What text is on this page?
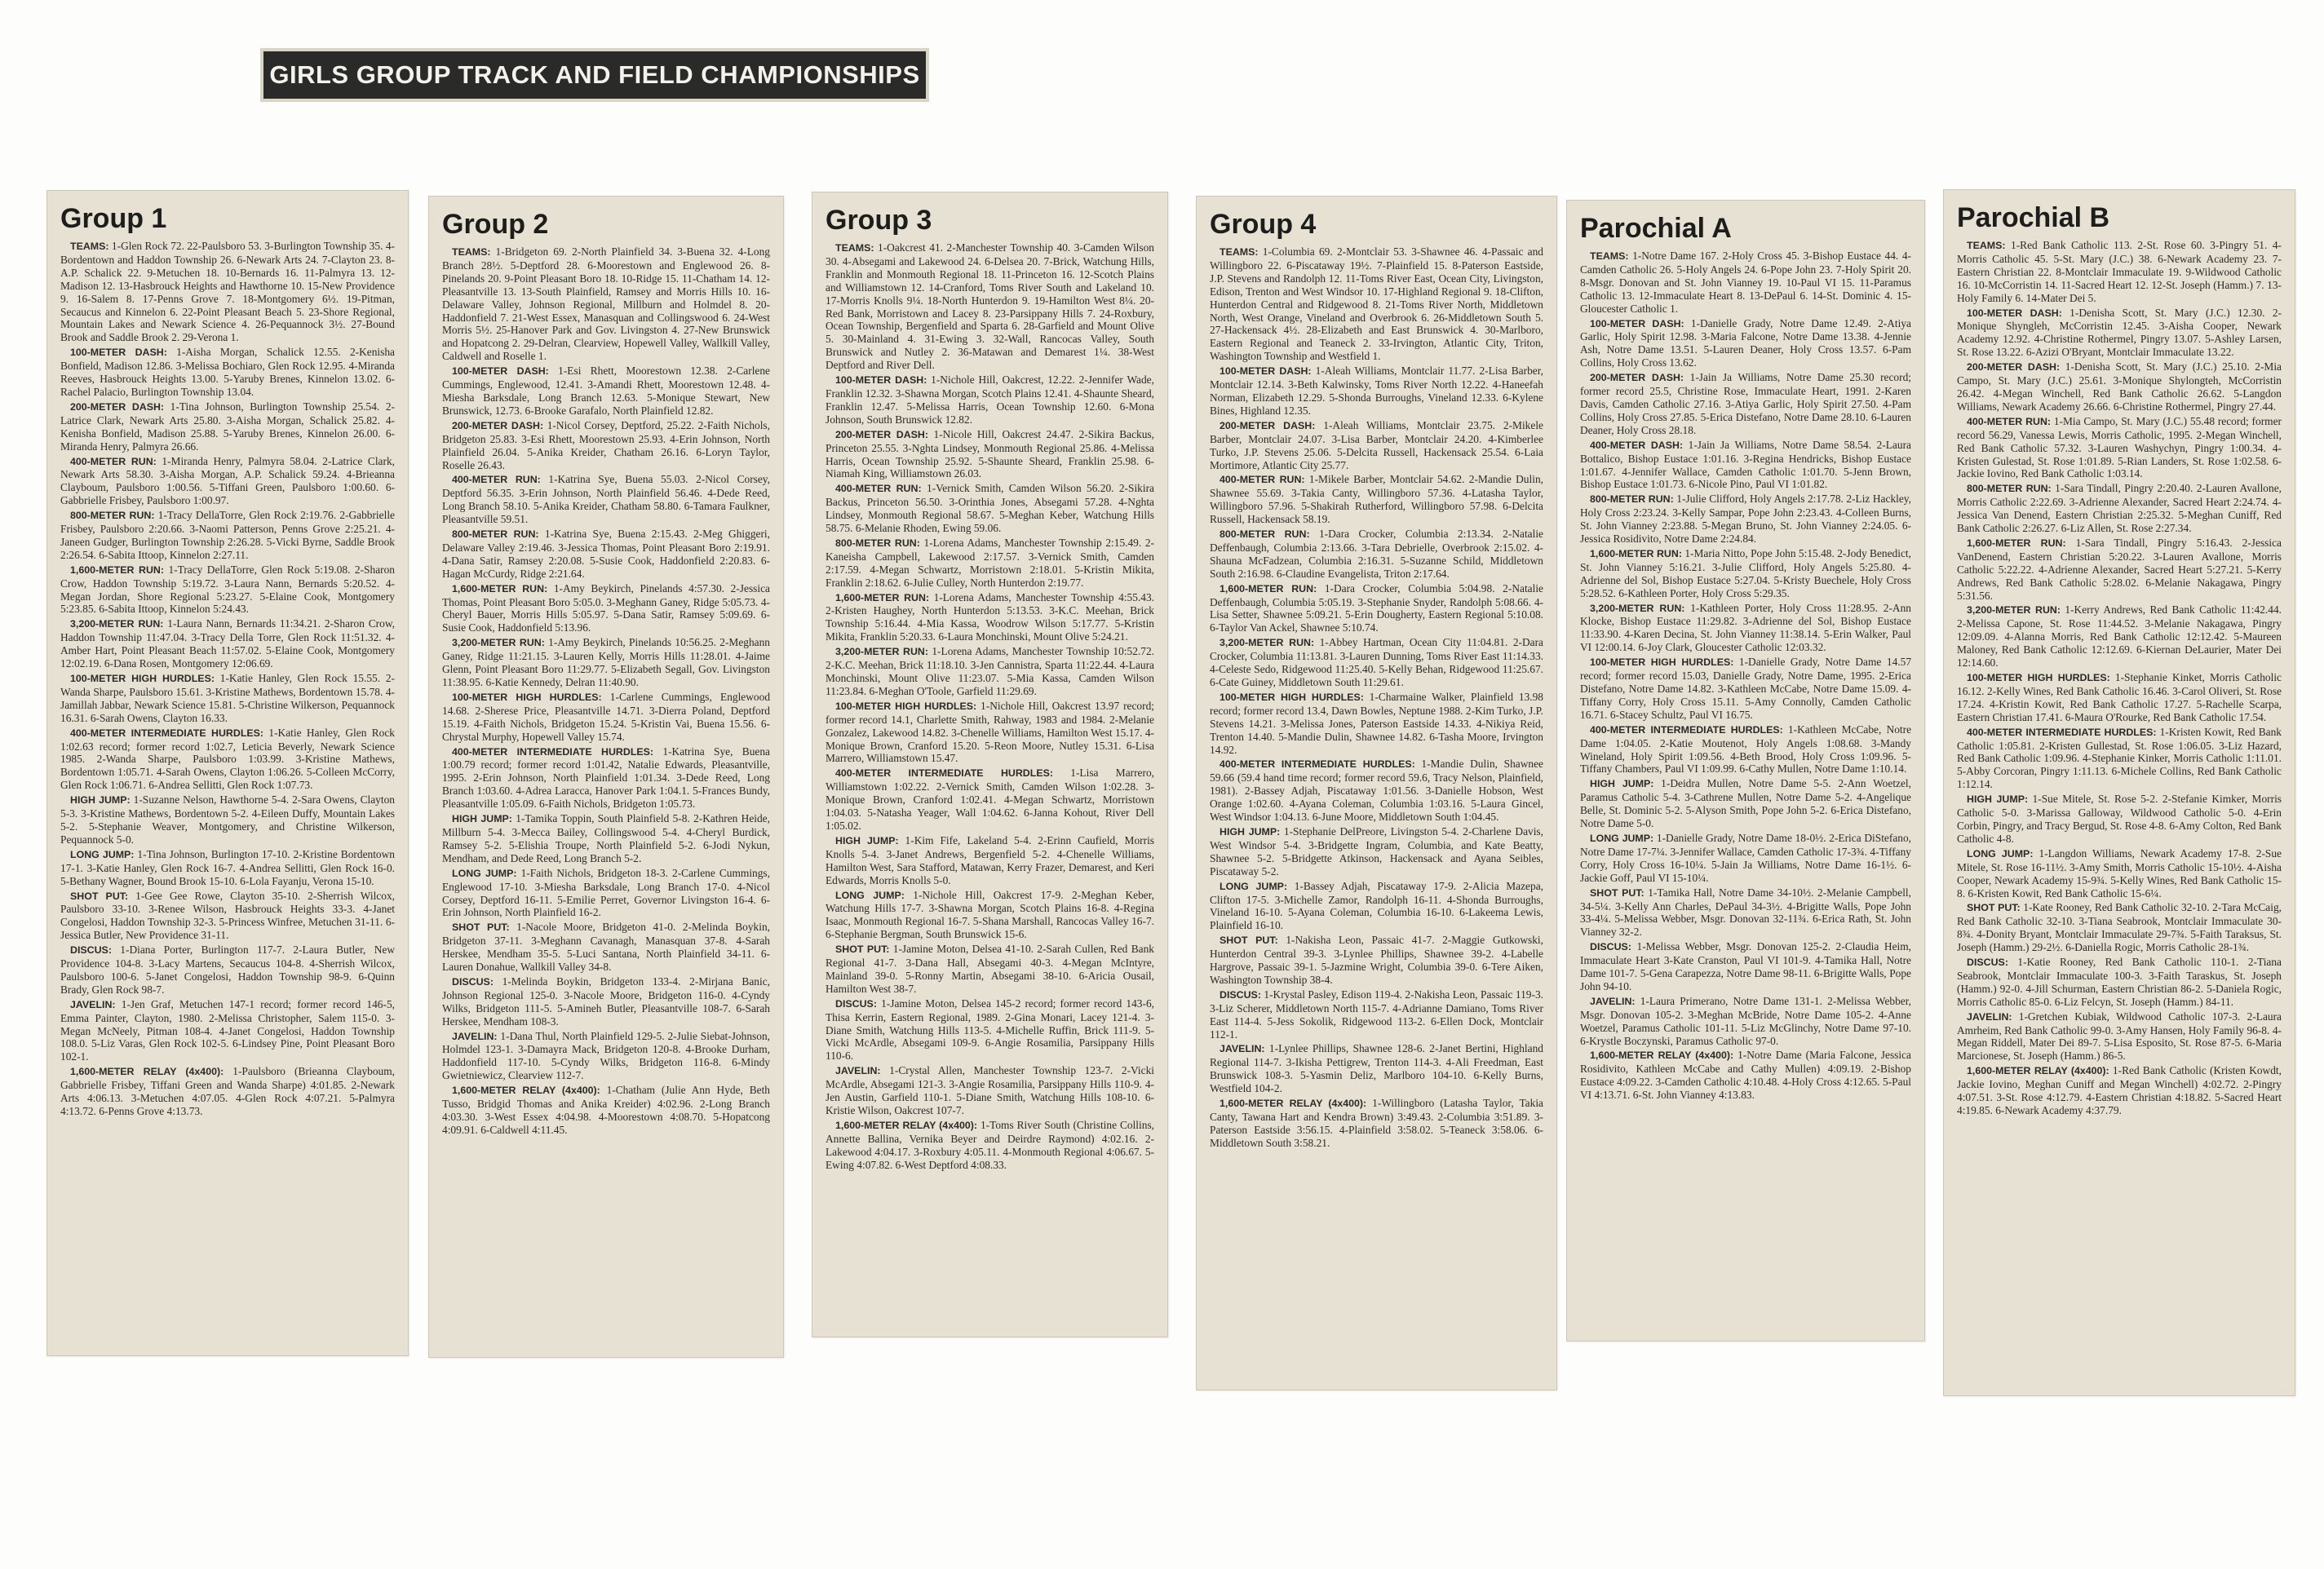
GIRLS GROUP TRACK AND FIELD CHAMPIONSHIPS
Group 1

TEAMS: 1-Glen Rock 72. 22-Paulsboro 53. 3-Burlington Township 35. 4-Bordentown and Haddon Township 26. 6-Newark Arts 24. 7-Clayton 23. 8-A.P. Schalick 22. 9-Metuchen 18. 10-Bernards 16. 11-Palmyra 13. 12-Madison 12. 13-Hasbrouck Heights and Hawthorne 10. 15-New Providence 9. 16-Salem 8. 17-Penns Grove 7. 18-Montgomery 6½. 19-Pitman, Secaucus and Kinnelon 6. 22-Point Pleasant Beach 5. 23-Shore Regional, Mountain Lakes and Newark Science 4. 26-Pequannock 3½. 27-Bound Brook and Saddle Brook 2. 29-Verona 1.

100-METER DASH: 1-Aisha Morgan, Schalick 12.55. 2-Kenisha Bonfield, Madison 12.86. 3-Melissa Bochiaro, Glen Rock 12.95. 4-Miranda Reeves, Hasbrouck Heights 13.00. 5-Yaruby Brenes, Kinnelon 13.02. 6-Rachel Palacio, Burlington Township 13.04.

200-METER DASH: 1-Tina Johnson, Burlington Township 25.54. 2-Latrice Clark, Newark Arts 25.80. 3-Aisha Morgan, Schalick 25.82. 4-Kenisha Bonfield, Madison 25.88. 5-Yaruby Brenes, Kinnelon 26.00. 6-Miranda Henry, Palmyra 26.66.

400-METER RUN: 1-Miranda Henry, Palmyra 58.04. 2-Latrice Clark, Newark Arts 58.30. 3-Aisha Morgan, A.P. Schalick 59.24. 4-Brieanna Clayboum, Paulsboro 1:00.56. 5-Tiffani Green, Paulsboro 1:00.60. 6-Gabbrielle Frisbey, Paulsboro 1:00.97.

800-METER RUN: 1-Tracy DellaTorre, Glen Rock 2:19.76. 2-Gabbrielle Frisbey, Paulsboro 2:20.66. 3-Naomi Patterson, Penns Grove 2:25.21. 4-Janeen Gudger, Burlington Township 2:26.28. 5-Vicki Byrne, Saddle Brook 2:26.54. 6-Sabita Ittoop, Kinnelon 2:27.11.

1,600-METER RUN: 1-Tracy DellaTorre, Glen Rock 5:19.08. 2-Sharon Crow, Haddon Township 5:19.72. 3-Laura Nann, Bernards 5:20.52. 4-Megan Jordan, Shore Regional 5:23.27. 5-Elaine Cook, Montgomery 5:23.85. 6-Sabita Ittoop, Kinnelon 5:24.43.

3,200-METER RUN: 1-Laura Nann, Bernards 11:34.21. 2-Sharon Crow, Haddon Township 11:47.04. 3-Tracy Della Torre, Glen Rock 11:51.32. 4-Amber Hart, Point Pleasant Beach 11:57.02. 5-Elaine Cook, Montgomery 12:02.19. 6-Dana Rosen, Montgomery 12:06.69.

100-METER HIGH HURDLES: 1-Katie Hanley, Glen Rock 15.55. 2-Wanda Sharpe, Paulsboro 15.61. 3-Kristine Mathews, Bordentown 15.78. 4-Jamillah Jabbar, Newark Science 15.81. 5-Christine Wilkerson, Pequannock 16.31. 6-Sarah Owens, Clayton 16.33.

400-METER INTERMEDIATE HURDLES: 1-Katie Hanley, Glen Rock 1:02.63 record; former record 1:02.7, Leticia Beverly, Newark Science 1985. 2-Wanda Sharpe, Paulsboro 1:03.99. 3-Kristine Mathews, Bordentown 1:05.71. 4-Sarah Owens, Clayton 1:06.26. 5-Colleen McCorry, Glen Rock 1:06.71. 6-Andrea Sellitti, Glen Rock 1:07.73.

HIGH JUMP: 1-Suzanne Nelson, Hawthorne 5-4. 2-Sara Owens, Clayton 5-3. 3-Kristine Mathews, Bordentown 5-2. 4-Eileen Duffy, Mountain Lakes 5-2. 5-Stephanie Weaver, Montgomery, and Christine Wilkerson, Pequannock 5-0.

LONG JUMP: 1-Tina Johnson, Burlington 17-10. 2-Kristine Bordentown 17-1. 3-Katie Hanley, Glen Rock 16-7. 4-Andrea Sellitti, Glen Rock 16-0. 5-Bethany Wagner, Bound Brook 15-10. 6-Lola Fayanju, Verona 15-10.

SHOT PUT: 1-Gee Gee Rowe, Clayton 35-10. 2-Sherrish Wilcox, Paulsboro 33-10. 3-Renee Wilson, Hasbrouck Heights 33-3. 4-Janet Congelosi, Haddon Township 32-3. 5-Princess Winfree, Metuchen 31-11. 6-Jessica Butler, New Providence 31-11.

DISCUS: 1-Diana Porter, Burlington 117-7. 2-Laura Butler, New Providence 104-8. 3-Lacy Martens, Secaucus 104-8. 4-Sherrish Wilcox, Paulsboro 100-6. 5-Janet Congelosi, Haddon Township 98-9. 6-Quinn Brady, Glen Rock 98-7.

JAVELIN: 1-Jen Graf, Metuchen 147-1 record; former record 146-5, Emma Painter, Clayton, 1980. 2-Melissa Christopher, Salem 115-0. 3-Megan McNeely, Pitman 108-4. 4-Janet Congelosi, Haddon Township 108.0. 5-Liz Varas, Glen Rock 102-5. 6-Lindsey Pine, Point Pleasant Boro 102-1.

1,600-METER RELAY (4x400): 1-Paulsboro (Brieanna Clayboum, Gabbrielle Frisbey, Tiffani Green and Wanda Sharpe) 4:01.85. 2-Newark Arts 4:06.13. 3-Metuchen 4:07.05. 4-Glen Rock 4:07.21. 5-Palmyra 4:13.72. 6-Penns Grove 4:13.73.

Group 2

TEAMS: 1-Bridgeton 69. 2-North Plainfield 34. 3-Buena 32. 4-Long Branch 28½. 5-Deptford 28. 6-Moorestown and Englewood 26. 8-Pinelands 20. 9-Point Pleasant Boro 18. 10-Ridge 15. 11-Chatham 14. 12-Pleasantville 13. 13-South Plainfield, Ramsey and Morris Hills 10. 16-Delaware Valley, Johnson Regional, Millburn and Holmdel 8. 20-Haddonfield 7. 21-West Essex, Manasquan and Collingswood 6. 24-West Morris 5½. 25-Hanover Park and Gov. Livingston 4. 27-New Brunswick and Hopatcong 2. 29-Delran, Clearview, Hopewell Valley, Wallkill Valley, Caldwell and Roselle 1.

100-METER DASH: 1-Esi Rhett, Moorestown 12.38. 2-Carlene Cummings, Englewood, 12.41. 3-Amandi Rhett, Moorestown 12.48. 4-Miesha Barksdale, Long Branch 12.63. 5-Monique Stewart, New Brunswick, 12.73. 6-Brooke Garafalo, North Plainfield 12.82.

200-METER DASH: 1-Nicol Corsey, Deptford, 25.22. 2-Faith Nichols, Bridgeton 25.83. 3-Esi Rhett, Moorestown 25.93. 4-Erin Johnson, North Plainfield 26.04. 5-Anika Kreider, Chatham 26.16. 6-Loryn Taylor, Roselle 26.43.

400-METER RUN: 1-Katrina Sye, Buena 55.03. 2-Nicol Corsey, Deptford 56.35. 3-Erin Johnson, North Plainfield 56.46. 4-Dede Reed, Long Branch 58.10. 5-Anika Kreider, Chatham 58.80. 6-Tamara Faulkner, Pleasantville 59.51.

800-METER RUN: 1-Katrina Sye, Buena 2:15.43. 2-Meg Ghiggeri, Delaware Valley 2:19.46. 3-Jessica Thomas, Point Pleasant Boro 2:19.91. 4-Dana Satir, Ramsey 2:20.08. 5-Susie Cook, Haddonfield 2:20.83. 6-Hagan McCurdy, Ridge 2:21.64.

1,600-METER RUN: 1-Amy Beykirch, Pinelands 4:57.30. 2-Jessica Thomas, Point Pleasant Boro 5:05.0. 3-Meghann Ganey, Ridge 5:05.73. 4-Cheryl Bauer, Morris Hills 5:05.97. 5-Dana Satir, Ramsey 5:09.69. 6-Susie Cook, Haddonfield 5:13.96.

3,200-METER RUN: 1-Amy Beykirch, Pinelands 10:56.25. 2-Meghann Ganey, Ridge 11:21.15. 3-Lauren Kelly, Morris Hills 11:28.01. 4-Jaime Glenn, Point Pleasant Boro 11:29.77. 5-Elizabeth Segall, Gov. Livingston 11:38.95. 6-Katie Kennedy, Delran 11:40.90.

100-METER HIGH HURDLES: 1-Carlene Cummings, Englewood 14.68. 2-Sherese Price, Pleasantville 14.71. 3-Dierra Poland, Deptford 15.19. 4-Faith Nichols, Bridgeton 15.24. 5-Kristin Vai, Buena 15.56. 6-Chrystal Murphy, Hopewell Valley 15.74.

400-METER INTERMEDIATE HURDLES: 1-Katrina Sye, Buena 1:00.79 record; former record 1:01.42, Natalie Edwards, Pleasantville, 1995. 2-Erin Johnson, North Plainfield 1:01.34. 3-Dede Reed, Long Branch 1:03.60. 4-Adrea Laracca, Hanover Park 1:04.1. 5-Frances Bundy, Pleasantville 1:05.09. 6-Faith Nichols, Bridgeton 1:05.73.

HIGH JUMP: 1-Tamika Toppin, South Plainfield 5-8. 2-Kathren Heide, Millburn 5-4. 3-Mecca Bailey, Collingswood 5-4. 4-Cheryl Burdick, Ramsey 5-2. 5-Elishia Troupe, North Plainfield 5-2. 6-Jodi Nykun, Mendham, and Dede Reed, Long Branch 5-2.

LONG JUMP: 1-Faith Nichols, Bridgeton 18-3. 2-Carlene Cummings, Englewood 17-10. 3-Miesha Barksdale, Long Branch 17-0. 4-Nicol Corsey, Deptford 16-11. 5-Emilie Perret, Governor Livingston 16-4. 6-Erin Johnson, North Plainfield 16-2.

SHOT PUT: 1-Nacole Moore, Bridgeton 41-0. 2-Melinda Boykin, Bridgeton 37-11. 3-Meghann Cavanagh, Manasquan 37-8. 4-Sarah Herskee, Mendham 35-5. 5-Luci Santana, North Plainfield 34-11. 6-Lauren Donahue, Wallkill Valley 34-8.

DISCUS: 1-Melinda Boykin, Bridgeton 133-4. 2-Mirjana Banic, Johnson Regional 125-0. 3-Nacole Moore, Bridgeton 116-0. 4-Cyndy Wilks, Bridgeton 111-5. 5-Amineh Butler, Pleasantville 108-7. 6-Sarah Herskee, Mendham 108-3.

JAVELIN: 1-Dana Thul, North Plainfield 129-5. 2-Julie Siebat-Johnson, Holmdel 123-1. 3-Damayra Mack, Bridgeton 120-8. 4-Brooke Durham, Haddonfield 117-10. 5-Cyndy Wilks, Bridgeton 116-8. 6-Mindy Gwietniewicz, Clearview 112-7.

1,600-METER RELAY (4x400): 1-Chatham (Julie Ann Hyde, Beth Tusso, Bridgid Thomas and Anika Kreider) 4:02.96. 2-Long Branch 4:03.30. 3-West Essex 4:04.98. 4-Moorestown 4:08.70. 5-Hopatcong 4:09.91. 6-Caldwell 4:11.45.

Group 3

TEAMS: 1-Oakcrest 41. 2-Manchester Township 40. 3-Camden Wilson 30. 4-Absegami and Lakewood 24. 6-Delsea 20. 7-Brick, Watchung Hills, Franklin and Monmouth Regional 18. 11-Princeton 16. 12-Scotch Plains and Williamstown 12. 14-Cranford, Toms River South and Lakeland 10. 17-Morris Knolls 9¼. 18-North Hunterdon 9. 19-Hamilton West 8¼. 20-Red Bank, Morristown and Lacey 8. 23-Parsippany Hills 7. 24-Roxbury, Ocean Township, Bergenfield and Sparta 6. 28-Garfield and Mount Olive 5. 30-Mainland 4. 31-Ewing 3. 32-Wall, Rancocas Valley, South Brunswick and Nutley 2. 36-Matawan and Demarest 1¼. 38-West Deptford and River Dell.

100-METER DASH: 1-Nichole Hill, Oakcrest, 12.22. 2-Jennifer Wade, Franklin 12.32. 3-Shawna Morgan, Scotch Plains 12.41. 4-Shaunte Sheard, Franklin 12.47. 5-Melissa Harris, Ocean Township 12.60. 6-Mona Johnson, South Brunswick 12.82.

200-METER DASH: 1-Nicole Hill, Oakcrest 24.47. 2-Sikira Backus, Princeton 25.55. 3-Nghta Lindsey, Monmouth Regional 25.86. 4-Melissa Harris, Ocean Township 25.92. 5-Shaunte Sheard, Franklin 25.98. 6-Niamah King, Williamstown 26.03.

400-METER RUN: 1-Vernick Smith, Camden Wilson 56.20. 2-Sikira Backus, Princeton 56.50. 3-Orinthia Jones, Absegami 57.28. 4-Nghta Lindsey, Monmouth Regional 58.67. 5-Meghan Keber, Watchung Hills 58.75. 6-Melanie Rhoden, Ewing 59.06.

800-METER RUN: 1-Lorena Adams, Manchester Township 2:15.49. 2-Kaneisha Campbell, Lakewood 2:17.57. 3-Vernick Smith, Camden 2:17.59. 4-Megan Schwartz, Morristown 2:18.01. 5-Kristin Mikita, Franklin 2:18.62. 6-Julie Culley, North Hunterdon 2:19.77.

1,600-METER RUN: 1-Lorena Adams, Manchester Township 4:55.43. 2-Kristen Haughey, North Hunterdon 5:13.53. 3-K.C. Meehan, Brick Township 5:16.44. 4-Mia Kassa, Woodrow Wilson 5:17.77. 5-Kristin Mikita, Franklin 5:20.33. 6-Laura Monchinski, Mount Olive 5:24.21.

3,200-METER RUN: 1-Lorena Adams, Manchester Township 10:52.72. 2-K.C. Meehan, Brick 11:18.10. 3-Jen Cannistra, Sparta 11:22.44. 4-Laura Monchinski, Mount Olive 11:23.07. 5-Mia Kassa, Camden Wilson 11:23.84. 6-Meghan O'Toole, Garfield 11:29.69.

100-METER HIGH HURDLES: 1-Nichole Hill, Oakcrest 13.97 record; former record 14.1, Charlette Smith, Rahway, 1983 and 1984. 2-Melanie Gonzalez, Lakewood 14.82. 3-Chenelle Williams, Hamilton West 15.17. 4-Monique Brown, Cranford 15.20. 5-Reon Moore, Nutley 15.31. 6-Lisa Marrero, Williamstown 15.47.

400-METER INTERMEDIATE HURDLES: 1-Lisa Marrero, Williamstown 1:02.22. 2-Vernick Smith, Camden Wilson 1:02.28. 3-Monique Brown, Cranford 1:02.41. 4-Megan Schwartz, Morristown 1:04.03. 5-Natasha Yeager, Wall 1:04.62. 6-Janna Kohout, River Dell 1:05.02.

HIGH JUMP: 1-Kim Fife, Lakeland 5-4. 2-Erinn Caufield, Morris Knolls 5-4. 3-Janet Andrews, Bergenfield 5-2. 4-Chenelle Williams, Hamilton West, Sara Stafford, Matawan, Kerry Frazer, Demarest, and Keri Edwards, Morris Knolls 5-0.

LONG JUMP: 1-Nichole Hill, Oakcrest 17-9. 2-Meghan Keber, Watchung Hills 17-7. 3-Shawna Morgan, Scotch Plains 16-8. 4-Regina Isaac, Monmouth Regional 16-7. 5-Shana Marshall, Rancocas Valley 16-7. 6-Stephanie Bergman, South Brunswick 15-6.

SHOT PUT: 1-Jamine Moton, Delsea 41-10. 2-Sarah Cullen, Red Bank Regional 41-7. 3-Dana Hall, Absegami 40-3. 4-Megan McIntyre, Mainland 39-0. 5-Ronny Martin, Absegami 38-10. 6-Aricia Ousail, Hamilton West 38-7.

DISCUS: 1-Jamine Moton, Delsea 145-2 record; former record 143-6, Thisa Kerrin, Eastern Regional, 1989. 2-Gina Monari, Lacey 121-4. 3-Diane Smith, Watchung Hills 113-5. 4-Michelle Ruffin, Brick 111-9. 5-Vicki McArdle, Absegami 109-9. 6-Angie Rosamilia, Parsippany Hills 110-6.

JAVELIN: 1-Crystal Allen, Manchester Township 123-7. 2-Vicki McArdle, Absegami 121-3. 3-Angie Rosamilia, Parsippany Hills 110-9. 4-Jen Austin, Garfield 110-1. 5-Diane Smith, Watchung Hills 108-10. 6-Kristie Wilson, Oakcrest 107-7.

1,600-METER RELAY (4x400): 1-Toms River South (Christine Collins, Annette Ballina, Vernika Beyer and Deirdre Raymond) 4:02.16. 2-Lakewood 4:04.17. 3-Roxbury 4:05.11. 4-Monmouth Regional 4:06.67. 5-Ewing 4:07.82. 6-West Deptford 4:08.33.

Group 4

TEAMS: 1-Columbia 69. 2-Montclair 53. 3-Shawnee 46. 4-Passaic and Willingboro 22. 6-Piscataway 19½. 7-Plainfield 15. 8-Paterson Eastside, J.P. Stevens and Randolph 12. 11-Toms River East, Ocean City, Livingston, Edison, Trenton and West Windsor 10. 17-Highland Regional 9. 18-Clifton, Hunterdon Central and Ridgewood 8. 21-Toms River North, Middletown North, West Orange, Vineland and Overbrook 6. 26-Middletown South 5. 27-Hackensack 4½. 28-Elizabeth and East Brunswick 4. 30-Marlboro, Eastern Regional and Teaneck 2. 33-Irvington, Atlantic City, Triton, Washington Township and Westfield 1.

100-METER DASH: 1-Aleah Williams, Montclair 11.77. 2-Lisa Barber, Montclair 12.14. 3-Beth Kalwinsky, Toms River North 12.22. 4-Haneefah Norman, Elizabeth 12.29. 5-Shonda Burroughs, Vineland 12.33. 6-Kylene Bines, Highland 12.35.

200-METER DASH: 1-Aleah Williams, Montclair 23.75. 2-Mikele Barber, Montclair 24.07. 3-Lisa Barber, Montclair 24.20. 4-Kimberlee Turko, J.P. Stevens 25.06. 5-Delcita Russell, Hackensack 25.54. 6-Laia Mortimore, Atlantic City 25.77.

400-METER RUN: 1-Mikele Barber, Montclair 54.62. 2-Mandie Dulin, Shawnee 55.69. 3-Takia Canty, Willingboro 57.36. 4-Latasha Taylor, Willingboro 57.96. 5-Shakirah Rutherford, Willingboro 57.98. 6-Delcita Russell, Hackensack 58.19.

800-METER RUN: 1-Dara Crocker, Columbia 2:13.34. 2-Natalie Deffenbaugh, Columbia 2:13.66. 3-Tara Debrielle, Overbrook 2:15.02. 4-Shauna McFadzean, Columbia 2:16.31. 5-Suzanne Schild, Middletown South 2:16.98. 6-Claudine Evangelista, Triton 2:17.64.

1,600-METER RUN: 1-Dara Crocker, Columbia 5:04.98. 2-Natalie Deffenbaugh, Columbia 5:05.19. 3-Stephanie Snyder, Randolph 5:08.66. 4-Lisa Setter, Shawnee 5:09.21. 5-Erin Dougherty, Eastern Regional 5:10.08. 6-Taylor Van Ackel, Shawnee 5:10.74.

3,200-METER RUN: 1-Abbey Hartman, Ocean City 11:04.81. 2-Dara Crocker, Columbia 11:13.81. 3-Lauren Dunning, Toms River East 11:14.33. 4-Celeste Sedo, Ridgewood 11:25.40. 5-Kelly Behan, Ridgewood 11:25.67. 6-Cate Guiney, Middletown South 11:29.61.

100-METER HIGH HURDLES: 1-Charmaine Walker, Plainfield 13.98 record; former record 13.4, Dawn Bowles, Neptune 1988. 2-Kim Turko, J.P. Stevens 14.21. 3-Melissa Jones, Paterson Eastside 14.33. 4-Nikiya Reid, Trenton 14.40. 5-Mandie Dulin, Shawnee 14.82. 6-Tasha Moore, Irvington 14.92.

400-METER INTERMEDIATE HURDLES: 1-Mandie Dulin, Shawnee 59.66 (59.4 hand time record; former record 59.6, Tracy Nelson, Plainfield, 1981). 2-Bassey Adjah, Piscataway 1:01.56. 3-Danielle Hobson, West Orange 1:02.60. 4-Ayana Coleman, Columbia 1:03.16. 5-Laura Gincel, West Windsor 1:04.13. 6-June Moore, Middletown South 1:04.45.

HIGH JUMP: 1-Stephanie DelPreore, Livingston 5-4. 2-Charlene Davis, West Windsor 5-4. 3-Bridgette Ingram, Columbia, and Kate Beatty, Shawnee 5-2. 5-Bridgette Atkinson, Hackensack and Ayana Seibles, Piscataway 5-2.

LONG JUMP: 1-Bassey Adjah, Piscataway 17-9. 2-Alicia Mazepa, Clifton 17-5. 3-Michelle Zamor, Randolph 16-11. 4-Shonda Burroughs, Vineland 16-10. 5-Ayana Coleman, Columbia 16-10. 6-Lakeema Lewis, Plainfield 16-10.

SHOT PUT: 1-Nakisha Leon, Passaic 41-7. 2-Maggie Gutkowski, Hunterdon Central 39-3. 3-Lynlee Phillips, Shawnee 39-2. 4-Labelle Hargrove, Passaic 39-1. 5-Jazmine Wright, Columbia 39-0. 6-Tere Aiken, Washington Township 38-4.

DISCUS: 1-Krystal Pasley, Edison 119-4. 2-Nakisha Leon, Passaic 119-3. 3-Liz Scherer, Middletown North 115-7. 4-Adrianne Damiano, Toms River East 114-4. 5-Jess Sokolik, Ridgewood 113-2. 6-Ellen Dock, Montclair 112-1.

JAVELIN: 1-Lynlee Phillips, Shawnee 128-6. 2-Janet Bertini, Highland Regional 114-7. 3-Ikisha Pettigrew, Trenton 114-3. 4-Ali Freedman, East Brunswick 108-3. 5-Yasmin Deliz, Marlboro 104-10. 6-Kelly Burns, Westfield 104-2.

1,600-METER RELAY (4x400): 1-Willingboro (Latasha Taylor, Takia Canty, Tawana Hart and Kendra Brown) 3:49.43. 2-Columbia 3:51.89. 3-Paterson Eastside 3:56.15. 4-Plainfield 3:58.02. 5-Teaneck 3:58.06. 6-Middletown South 3:58.21.

Parochial A

TEAMS: 1-Notre Dame 167. 2-Holy Cross 45. 3-Bishop Eustace 44. 4-Camden Catholic 26. 5-Holy Angels 24. 6-Pope John 23. 7-Holy Spirit 20. 8-Msgr. Donovan and St. John Vianney 19. 10-Paul VI 15. 11-Paramus Catholic 13. 12-Immaculate Heart 8. 13-DePaul 6. 14-St. Dominic 4. 15-Gloucester Catholic 1.

100-METER DASH: 1-Danielle Grady, Notre Dame 12.49. 2-Atiya Garlic, Holy Spirit 12.98. 3-Maria Falcone, Notre Dame 13.38. 4-Jennie Ash, Notre Dame 13.51. 5-Lauren Deaner, Holy Cross 13.57. 6-Pam Collins, Holy Cross 13.62.

200-METER DASH: 1-Jain Ja Williams, Notre Dame 25.30 record; former record 25.5, Christine Rose, Immaculate Heart, 1991. 2-Karen Davis, Camden Catholic 27.16. 3-Atiya Garlic, Holy Spirit 27.50. 4-Pam Collins, Holy Cross 27.85. 5-Erica Distefano, Notre Dame 28.10. 6-Lauren Deaner, Holy Cross 28.18.

400-METER DASH: 1-Jain Ja Williams, Notre Dame 58.54. 2-Laura Bottalico, Bishop Eustace 1:01.16. 3-Regina Hendricks, Bishop Eustace 1:01.67. 4-Jennifer Wallace, Camden Catholic 1:01.70. 5-Jenn Brown, Bishop Eustace 1:01.73. 6-Nicole Pino, Paul VI 1:01.82.

800-METER RUN: 1-Julie Clifford, Holy Angels 2:17.78. 2-Liz Hackley, Holy Cross 2:23.24. 3-Kelly Sampar, Pope John 2:23.43. 4-Colleen Burns, St. John Vianney 2:23.88. 5-Megan Bruno, St. John Vianney 2:24.05. 6-Jessica Rosidivito, Notre Dame 2:24.84.

1,600-METER RUN: 1-Maria Nitto, Pope John 5:15.48. 2-Jody Benedict, St. John Vianney 5:16.21. 3-Julie Clifford, Holy Angels 5:25.80. 4-Adrienne del Sol, Bishop Eustace 5:27.04. 5-Kristy Buechele, Holy Cross 5:28.52. 6-Kathleen Porter, Holy Cross 5:29.35.

3,200-METER RUN: 1-Kathleen Porter, Holy Cross 11:28.95. 2-Ann Klocke, Bishop Eustace 11:29.82. 3-Adrienne del Sol, Bishop Eustace 11:33.90. 4-Karen Decina, St. John Vianney 11:38.14. 5-Erin Walker, Paul VI 12:00.14. 6-Joy Clark, Gloucester Catholic 12:03.32.

100-METER HIGH HURDLES: 1-Danielle Grady, Notre Dame 14.57 record; former record 15.03, Danielle Grady, Notre Dame, 1995. 2-Erica Distefano, Notre Dame 14.82. 3-Kathleen McCabe, Notre Dame 15.09. 4-Tiffany Corry, Holy Cross 15.11. 5-Amy Connolly, Camden Catholic 16.71. 6-Stacey Schultz, Paul VI 16.75.

400-METER INTERMEDIATE HURDLES: 1-Kathleen McCabe, Notre Dame 1:04.05. 2-Katie Moutenot, Holy Angels 1:08.68. 3-Mandy Wineland, Holy Spirit 1:09.56. 4-Beth Brood, Holy Cross 1:09.96. 5-Tiffany Chambers, Paul VI 1:09.99. 6-Cathy Mullen, Notre Dame 1:10.14.

HIGH JUMP: 1-Deidra Mullen, Notre Dame 5-5. 2-Ann Woetzel, Paramus Catholic 5-4. 3-Cathrene Mullen, Notre Dame 5-2. 4-Angelique Belle, St. Dominic 5-2. 5-Alyson Smith, Pope John 5-2. 6-Erica Distefano, Notre Dame 5-0.

LONG JUMP: 1-Danielle Grady, Notre Dame 18-0½. 2-Erica DiStefano, Notre Dame 17-7¼. 3-Jennifer Wallace, Camden Catholic 17-3¾. 4-Tiffany Corry, Holy Cross 16-10¼. 5-Jain Ja Williams, Notre Dame 16-1½. 6-Jackie Goff, Paul VI 15-10¼.

SHOT PUT: 1-Tamika Hall, Notre Dame 34-10½. 2-Melanie Campbell, 34-5¼. 3-Kelly Ann Charles, DePaul 34-3½. 4-Brigitte Walls, Pope John 33-4¼. 5-Melissa Webber, Msgr. Donovan 32-11¾. 6-Erica Rath, St. John Vianney 32-2.

DISCUS: 1-Melissa Webber, Msgr. Donovan 125-2. 2-Claudia Heim, Immaculate Heart 3-Kate Cranston, Paul VI 101-9. 4-Tamika Hall, Notre Dame 101-7. 5-Gena Carapezza, Notre Dame 98-11. 6-Brigitte Walls, Pope John 94-10.

JAVELIN: 1-Laura Primerano, Notre Dame 131-1. 2-Melissa Webber, Msgr. Donovan 105-2. 3-Meghan McBride, Notre Dame 105-2. 4-Anne Woetzel, Paramus Catholic 101-11. 5-Liz McGlinchy, Notre Dame 97-10. 6-Krystle Boczynski, Paramus Catholic 97-0.

1,600-METER RELAY (4x400): 1-Notre Dame (Maria Falcone, Jessica Rosidivito, Kathleen McCabe and Cathy Mullen) 4:09.19. 2-Bishop Eustace 4:09.22. 3-Camden Catholic 4:10.48. 4-Holy Cross 4:12.65. 5-Paul VI 4:13.71. 6-St. John Vianney 4:13.83.

Parochial B

TEAMS: 1-Red Bank Catholic 113. 2-St. Rose 60. 3-Pingry 51. 4-Morris Catholic 45. 5-St. Mary (J.C.) 38. 6-Newark Academy 23. 7-Eastern Christian 22. 8-Montclair Immaculate 19. 9-Wildwood Catholic 16. 10-McCorristin 14. 11-Sacred Heart 12. 12-St. Joseph (Hamm.) 7. 13-Holy Family 6. 14-Mater Dei 5.

100-METER DASH: 1-Denisha Scott, St. Mary (J.C.) 12.30. 2-Monique Shyngleh, McCorristin 12.45. 3-Aisha Cooper, Newark Academy 12.92. 4-Christine Rothermel, Pingry 13.07. 5-Ashley Larsen, St. Rose 13.22. 6-Azizi O'Bryant, Montclair Immaculate 13.22.

200-METER DASH: 1-Denisha Scott, St. Mary (J.C.) 25.10. 2-Mia Campo, St. Mary (J.C.) 25.61. 3-Monique Shylongteh, McCorristin 26.42. 4-Megan Winchell, Red Bank Catholic 26.62. 5-Langdon Williams, Newark Academy 26.66. 6-Christine Rothermel, Pingry 27.44.

400-METER RUN: 1-Mia Campo, St. Mary (J.C.) 55.48 record; former record 56.29, Vanessa Lewis, Morris Catholic, 1995. 2-Megan Winchell, Red Bank Catholic 57.32. 3-Lauren Washychyn, Pingry 1:00.34. 4-Kristen Gulestad, St. Rose 1:01.89. 5-Rian Landers, St. Rose 1:02.58. 6-Jackie Iovino, Red Bank Catholic 1:03.14.

800-METER RUN: 1-Sara Tindall, Pingry 2:20.40. 2-Lauren Avallone, Morris Catholic 2:22.69. 3-Adrienne Alexander, Sacred Heart 2:24.74. 4-Jessica Van Denend, Eastern Christian 2:25.32. 5-Meghan Cuniff, Red Bank Catholic 2:26.27. 6-Liz Allen, St. Rose 2:27.34.

1,600-METER RUN: 1-Sara Tindall, Pingry 5:16.43. 2-Jessica VanDenend, Eastern Christian 5:20.22. 3-Lauren Avallone, Morris Catholic 5:22.22. 4-Adrienne Alexander, Sacred Heart 5:27.21. 5-Kerry Andrews, Red Bank Catholic 5:28.02. 6-Melanie Nakagawa, Pingry 5:31.56.

3,200-METER RUN: 1-Kerry Andrews, Red Bank Catholic 11:42.44. 2-Melissa Capone, St. Rose 11:44.52. 3-Melanie Nakagawa, Pingry 12:09.09. 4-Alanna Morris, Red Bank Catholic 12:12.42. 5-Maureen Maloney, Red Bank Catholic 12:12.69. 6-Kiernan DeLaurier, Mater Dei 12:14.60.

100-METER HIGH HURDLES: 1-Stephanie Kinket, Morris Catholic 16.12. 2-Kelly Wines, Red Bank Catholic 16.46. 3-Carol Oliveri, St. Rose 17.24. 4-Kristin Kowit, Red Bank Catholic 17.27. 5-Rachelle Scarpa, Eastern Christian 17.41. 6-Maura O'Rourke, Red Bank Catholic 17.54.

400-METER INTERMEDIATE HURDLES: 1-Kristen Kowit, Red Bank Catholic 1:05.81. 2-Kristen Gullestad, St. Rose 1:06.05. 3-Liz Hazard, Red Bank Catholic 1:09.96. 4-Stephanie Kinker, Morris Catholic 1:11.01. 5-Abby Corcoran, Pingry 1:11.13. 6-Michele Collins, Red Bank Catholic 1:12.14.

HIGH JUMP: 1-Sue Mitele, St. Rose 5-2. 2-Stefanie Kimker, Morris Catholic 5-0. 3-Marissa Galloway, Wildwood Catholic 5-0. 4-Erin Corbin, Pingry, and Tracy Bergud, St. Rose 4-8. 6-Amy Colton, Red Bank Catholic 4-8.

LONG JUMP: 1-Langdon Williams, Newark Academy 17-8. 2-Sue Mitele, St. Rose 16-11½. 3-Amy Smith, Morris Catholic 15-10½. 4-Aisha Cooper, Newark Academy 15-9¾. 5-Kelly Wines, Red Bank Catholic 15-8. 6-Kristen Kowit, Red Bank Catholic 15-6¼.

SHOT PUT: 1-Kate Rooney, Red Bank Catholic 32-10. 2-Tara McCaig, Red Bank Catholic 32-10. 3-Tiana Seabrook, Montclair Immaculate 30-8¾. 4-Donity Bryant, Montclair Immaculate 29-7¾. 5-Faith Taraksus, St. Joseph (Hamm.) 29-2½. 6-Daniella Rogic, Morris Catholic 28-1¾.

DISCUS: 1-Katie Rooney, Red Bank Catholic 110-1. 2-Tiana Seabrook, Montclair Immaculate 100-3. 3-Faith Taraskus, St. Joseph (Hamm.) 92-0. 4-Jill Schurman, Eastern Christian 86-2. 5-Daniela Rogic, Morris Catholic 85-0. 6-Liz Felcyn, St. Joseph (Hamm.) 84-11.

JAVELIN: 1-Gretchen Kubiak, Wildwood Catholic 107-3. 2-Laura Amrheim, Red Bank Catholic 99-0. 3-Amy Hansen, Holy Family 96-8. 4-Megan Riddell, Mater Dei 89-7. 5-Lisa Esposito, St. Rose 87-5. 6-Maria Marcionese, St. Joseph (Hamm.) 86-5.

1,600-METER RELAY (4x400): 1-Red Bank Catholic (Kristen Kowdt, Jackie Iovino, Meghan Cuniff and Megan Winchell) 4:02.72. 2-Pingry 4:07.51. 3-St. Rose 4:12.79. 4-Eastern Christian 4:18.82. 5-Sacred Heart 4:19.85. 6-Newark Academy 4:37.79.
